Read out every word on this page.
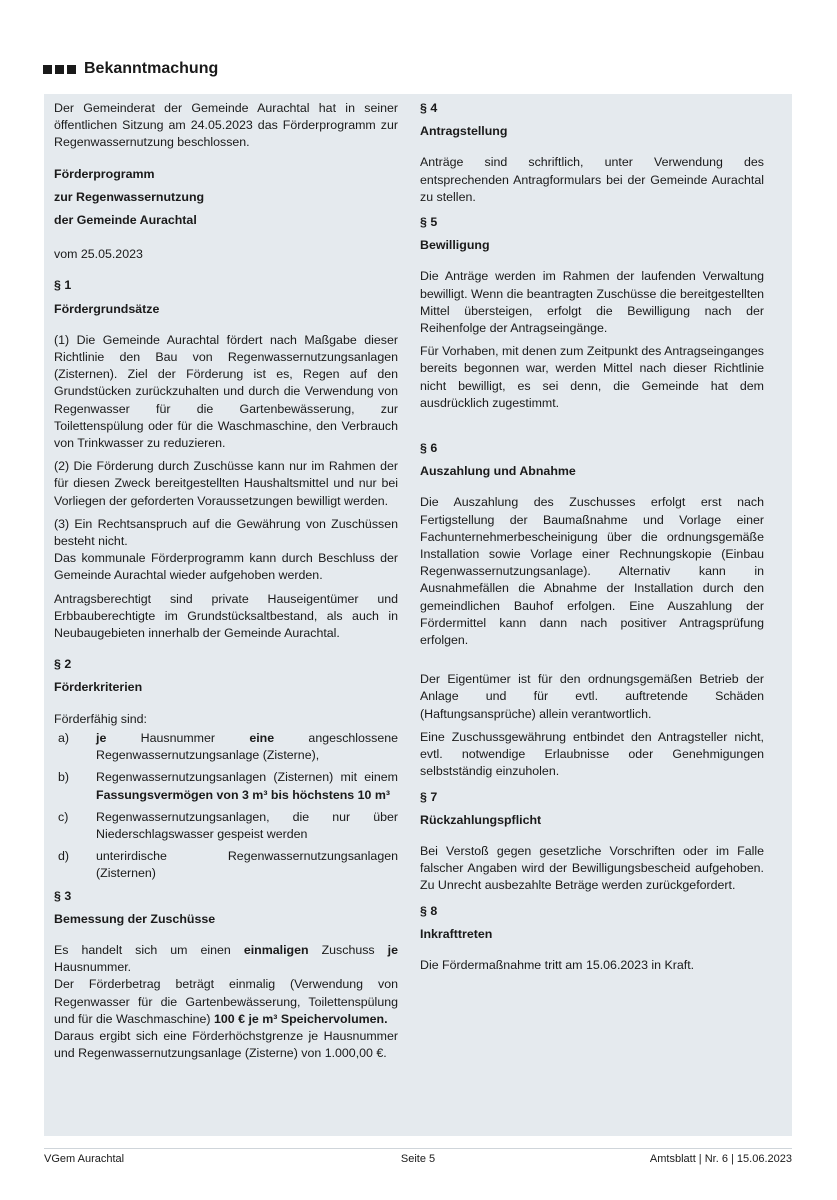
Bekanntmachung

Der Gemeinderat der Gemeinde Aurachtal hat in seiner öffentlichen Sitzung am 24.05.2023 das Förderprogramm zur Regenwassernutzung beschlossen.

Förderprogramm

zur Regenwassernutzung

der Gemeinde Aurachtal

vom 25.05.2023

§ 1

Fördergrundsätze

(1) Die Gemeinde Aurachtal fördert nach Maßgabe dieser Richtlinie den Bau von Regenwassernutzungsanlagen (Zisternen). Ziel der Förderung ist es, Regen auf den Grundstücken zurückzuhalten und durch die Verwendung von Regenwasser für die Gartenbewässerung, zur Toilettenspülung oder für die Waschmaschine, den Verbrauch von Trinkwasser zu reduzieren.

(2) Die Förderung durch Zuschüsse kann nur im Rahmen der für diesen Zweck bereitgestellten Haushaltsmittel und nur bei Vorliegen der geforderten Voraussetzungen bewilligt werden.

(3) Ein Rechtsanspruch auf die Gewährung von Zuschüssen besteht nicht.

Das kommunale Förderprogramm kann durch Beschluss der Gemeinde Aurachtal wieder aufgehoben werden.

Antragsberechtigt sind private Hauseigentümer und Erbbauberechtigte im Grundstücksaltbestand, als auch in Neubaugebieten innerhalb der Gemeinde Aurachtal.

§ 2

Förderkriterien

Förderfähig sind:

a)	je Hausnummer eine angeschlossene Regenwassernutzungsanlage (Zisterne),
b)	Regenwassernutzungsanlagen (Zisternen) mit einem Fassungsvermögen von 3 m³ bis höchstens 10 m³
c)	Regenwassernutzungsanlagen, die nur über Niederschlagswasser gespeist werden
d)	unterirdische Regenwassernutzungsanlagen (Zisternen)

§ 3

Bemessung der Zuschüsse

Es handelt sich um einen einmaligen Zuschuss je Hausnummer.

Der Förderbetrag beträgt einmalig (Verwendung von Regenwasser für die Gartenbewässerung, Toilettenspülung und für die Waschmaschine) 100 € je m³ Speichervolumen.

Daraus ergibt sich eine Förderhöchstgrenze je Hausnummer und Regenwassernutzungsanlage (Zisterne) von 1.000,00 €.

§ 4

Antragstellung

Anträge sind schriftlich, unter Verwendung des entsprechenden Antragformulars bei der Gemeinde Aurachtal zu stellen.

§ 5

Bewilligung

Die Anträge werden im Rahmen der laufenden Verwaltung bewilligt. Wenn die beantragten Zuschüsse die bereitgestellten Mittel übersteigen, erfolgt die Bewilligung nach der Reihenfolge der Antragseingänge.

Für Vorhaben, mit denen zum Zeitpunkt des Antragseinganges bereits begonnen war, werden Mittel nach dieser Richtlinie nicht bewilligt, es sei denn, die Gemeinde hat dem ausdrücklich zugestimmt.

§ 6

Auszahlung und Abnahme

Die Auszahlung des Zuschusses erfolgt erst nach Fertigstellung der Baumaßnahme und Vorlage einer Fachunternehmerbescheinigung über die ordnungsgemäße Installation sowie Vorlage einer Rechnungskopie (Einbau Regenwassernutzungsanlage). Alternativ kann in Ausnahmefällen die Abnahme der Installation durch den gemeindlichen Bauhof erfolgen. Eine Auszahlung der Fördermittel kann dann nach positiver Antragsprüfung erfolgen.

Der Eigentümer ist für den ordnungsgemäßen Betrieb der Anlage und für evtl. auftretende Schäden (Haftungsansprüche) allein verantwortlich.

Eine Zuschussgewährung entbindet den Antragsteller nicht, evtl. notwendige Erlaubnisse oder Genehmigungen selbstständig einzuholen.

§ 7

Rückzahlungspflicht

Bei Verstoß gegen gesetzliche Vorschriften oder im Falle falscher Angaben wird der Bewilligungsbescheid aufgehoben. Zu Unrecht ausbezahlte Beträge werden zurückgefordert.

§ 8

Inkrafttreten

Die Fördermaßnahme tritt am 15.06.2023 in Kraft.

VGem Aurachtal	Seite 5	Amtsblatt | Nr. 6 | 15.06.2023
